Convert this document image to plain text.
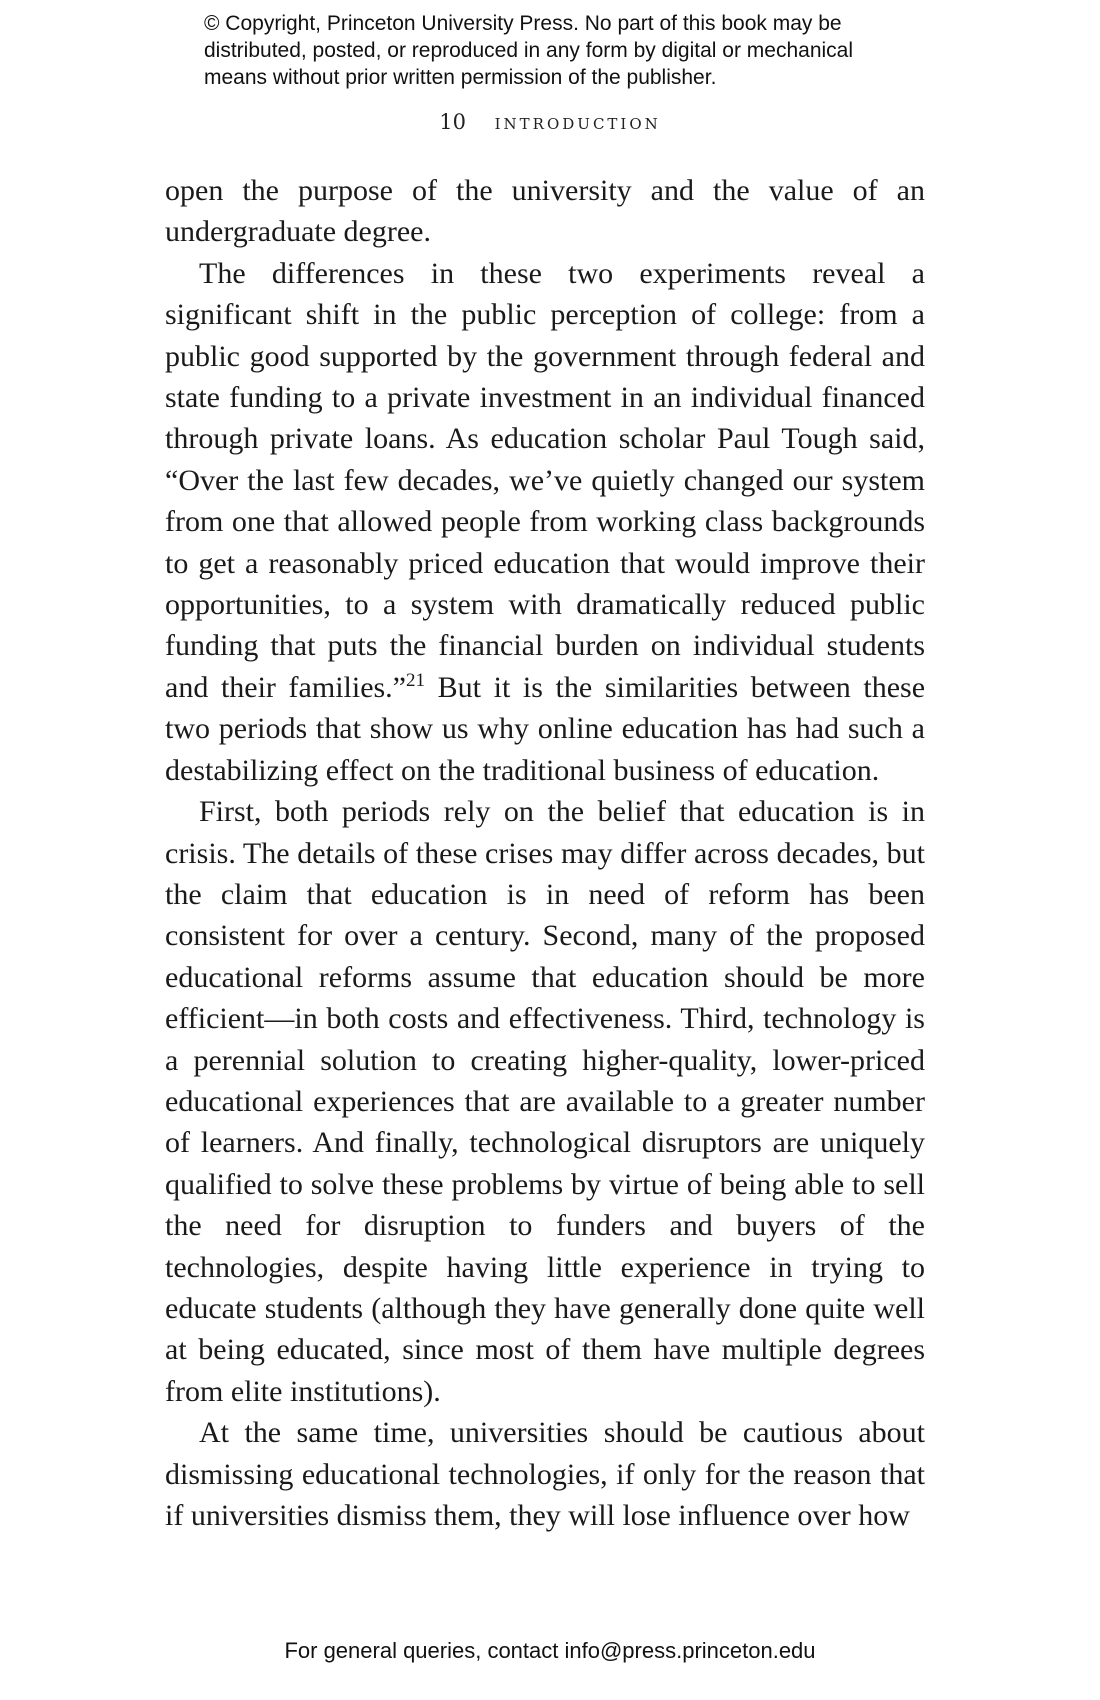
© Copyright, Princeton University Press. No part of this book may be
distributed, posted, or reproduced in any form by digital or mechanical
means without prior written permission of the publisher.
10 introduction

open the purpose of the university and the value of an undergraduate degree.

The differences in these two experiments reveal a significant shift in the public perception of college: from a public good supported by the government through federal and state funding to a private investment in an individual financed through private loans. As education scholar Paul Tough said, “Over the last few decades, we’ve quietly changed our system from one that allowed people from working class backgrounds to get a reasonably priced education that would improve their opportunities, to a system with dramatically reduced public funding that puts the financial burden on individual students and their families.”$^{21}$ But it is the similarities between these two periods that show us why online education has had such a destabilizing effect on the traditional business of education.

First, both periods rely on the belief that education is in crisis. The details of these crises may differ across decades, but the claim that education is in need of reform has been consistent for over a century. Second, many of the proposed educational reforms assume that education should be more efficient—in both costs and effectiveness. Third, technology is a perennial solution to creating higher-quality, lower-priced educational experiences that are available to a greater number of learners. And finally, technological disruptors are uniquely qualified to solve these problems by virtue of being able to sell the need for disruption to funders and buyers of the technologies, despite having little experience in trying to educate students (although they have generally done quite well at being educated, since most of them have multiple degrees from elite institutions).

At the same time, universities should be cautious about dismissing educational technologies, if only for the reason that if universities dismiss them, they will lose influence over how

For general queries, contact info@press.princeton.edu
